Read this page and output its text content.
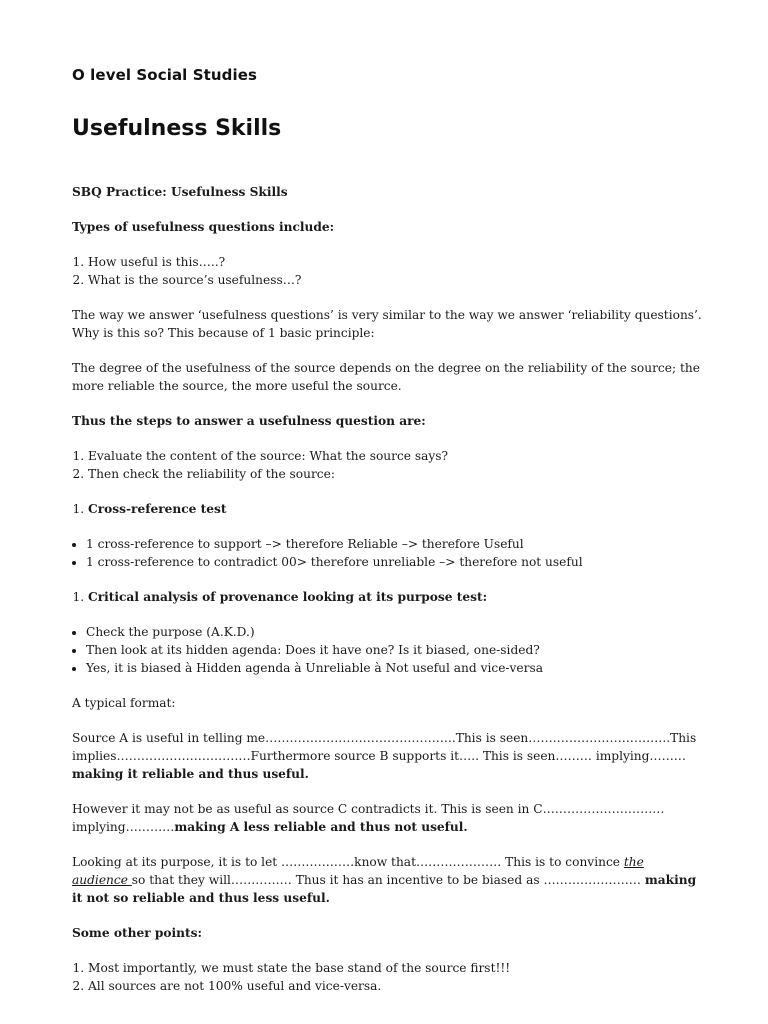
O level Social Studies
Usefulness Skills

SBQ Practice: Usefulness Skills

Types of usefulness questions include:

1. How useful is this…..?
2. What is the source’s usefulness…?

The way we answer ‘usefulness questions’ is very similar to the way we answer ‘reliability questions’. Why is this so? This because of 1 basic principle:

The degree of the usefulness of the source depends on the degree on the reliability of the source; the more reliable the source, the more useful the source.

Thus the steps to answer a usefulness question are:

1. Evaluate the content of the source: What the source says?
2. Then check the reliability of the source:
1. Cross-reference test
• 1 cross-reference to support –> therefore Reliable –> therefore Useful
• 1 cross-reference to contradict 00> therefore unreliable –> therefore not useful
1. Critical analysis of provenance looking at its purpose test:
• Check the purpose (A.K.D.)
• Then look at its hidden agenda: Does it have one? Is it biased, one-sided?
• Yes, it is biased à Hidden agenda à Unreliable à Not useful and vice-versa

A typical format:

Source A is useful in telling me………………………………………..This is seen……………………………..This implies……………………………Furthermore source B supports it….. This is seen……… implying……… making it reliable and thus useful.

However it may not be as useful as source C contradicts it. This is seen in C………………………… implying…………making A less reliable and thus not useful.

Looking at its purpose, it is to let ………………know that………………… This is to convince the audience so that they will…………… Thus it has an incentive to be biased as …………………… making it not so reliable and thus less useful.

Some other points:

1. Most importantly, we must state the base stand of the source first!!!
2. All sources are not 100% useful and vice-versa.
